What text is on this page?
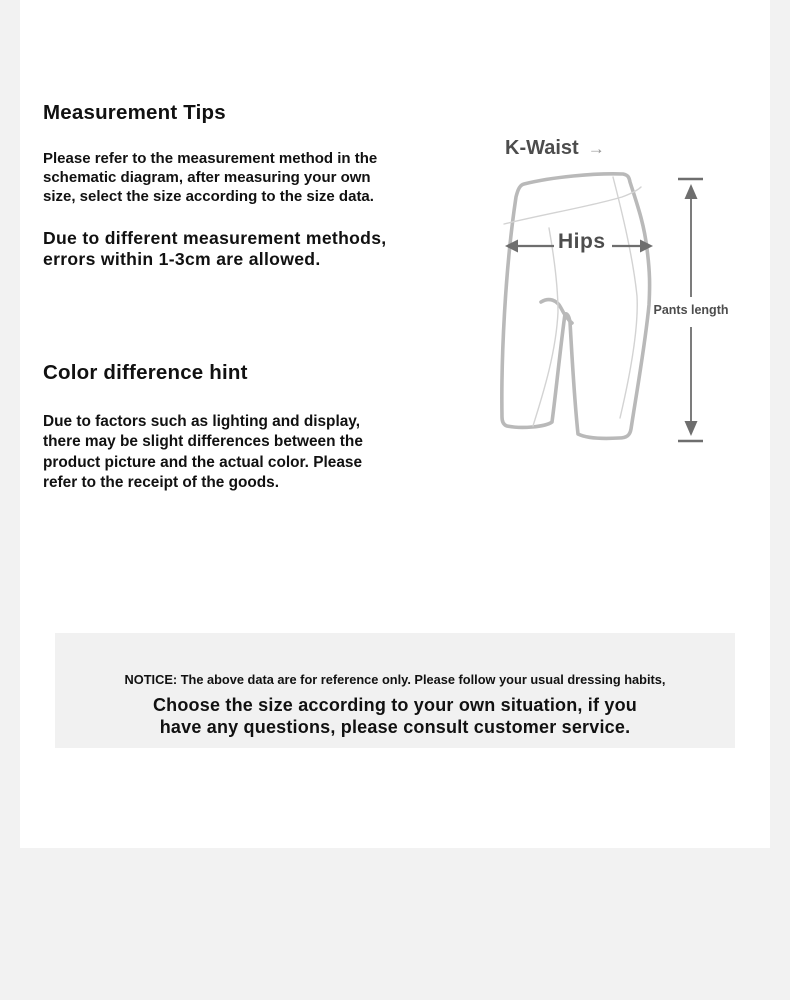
Measurement Tips

Please refer to the measurement method in the
schematic diagram, after measuring your own
size, select the size according to the size data.

Due to different measurement methods,
errors within 1-3cm are allowed.

Color difference hint

Due to factors such as lighting and display,
there may be slight differences between the
product picture and the actual color. Please
refer to the receipt of the goods.

K-Waist →
Hips
Pants length
NOTICE: The above data are for reference only. Please follow your usual dressing habits,
Choose the size according to your own situation, if you
have any questions, please consult customer service.
